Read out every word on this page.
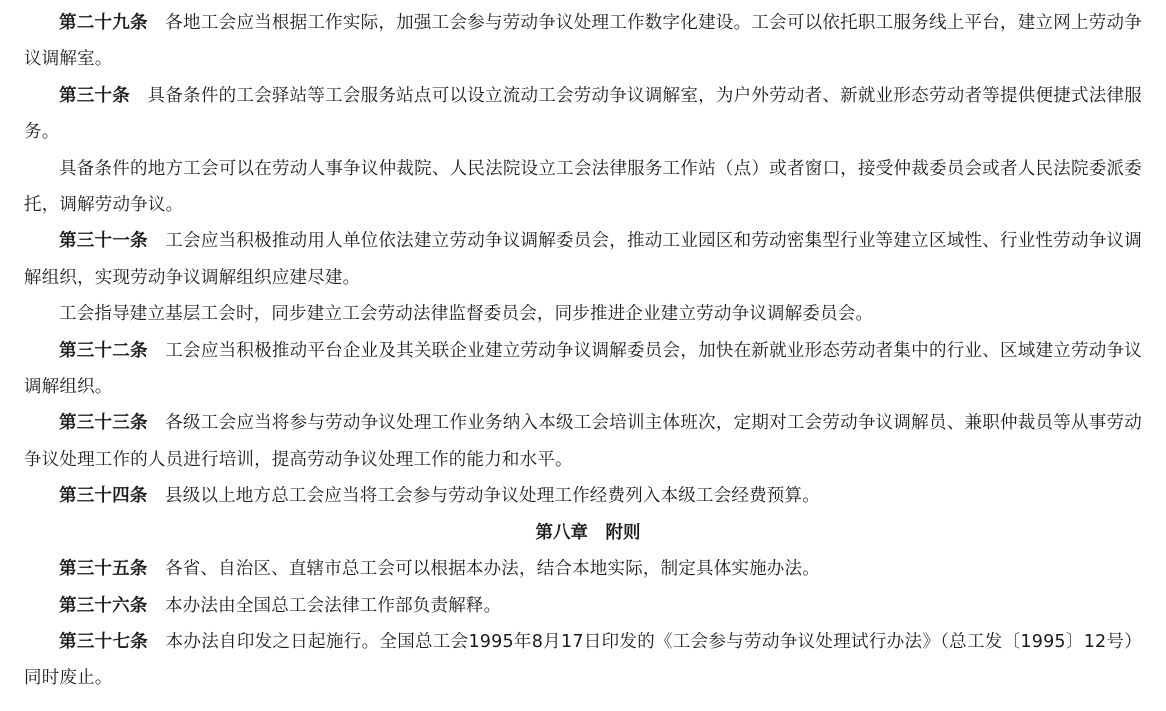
第二十九条 各地工会应当根据工作实际，加强工会参与劳动争议处理工作数字化建设。工会可以依托职工服务线上平台，建立网上劳动争议调解室。

第三十条 具备条件的工会驿站等工会服务站点可以设立流动工会劳动争议调解室，为户外劳动者、新就业形态劳动者等提供便捷式法律服务。

具备条件的地方工会可以在劳动人事争议仲裁院、人民法院设立工会法律服务工作站（点）或者窗口，接受仲裁委员会或者人民法院委派委托，调解劳动争议。

第三十一条 工会应当积极推动用人单位依法建立劳动争议调解委员会，推动工业园区和劳动密集型行业等建立区域性、行业性劳动争议调解组织，实现劳动争议调解组织应建尽建。

工会指导建立基层工会时，同步建立工会劳动法律监督委员会，同步推进企业建立劳动争议调解委员会。

第三十二条 工会应当积极推动平台企业及其关联企业建立劳动争议调解委员会，加快在新就业形态劳动者集中的行业、区域建立劳动争议调解组织。

第三十三条 各级工会应当将参与劳动争议处理工作业务纳入本级工会培训主体班次，定期对工会劳动争议调解员、兼职仲裁员等从事劳动争议处理工作的人员进行培训，提高劳动争议处理工作的能力和水平。

第三十四条 县级以上地方总工会应当将工会参与劳动争议处理工作经费列入本级工会经费预算。

第八章　附则

第三十五条 各省、自治区、直辖市总工会可以根据本办法，结合本地实际，制定具体实施办法。

第三十六条 本办法由全国总工会法律工作部负责解释。

第三十七条 本办法自印发之日起施行。全国总工会1995年8月17日印发的《工会参与劳动争议处理试行办法》（总工发〔1995〕12号）同时废止。
